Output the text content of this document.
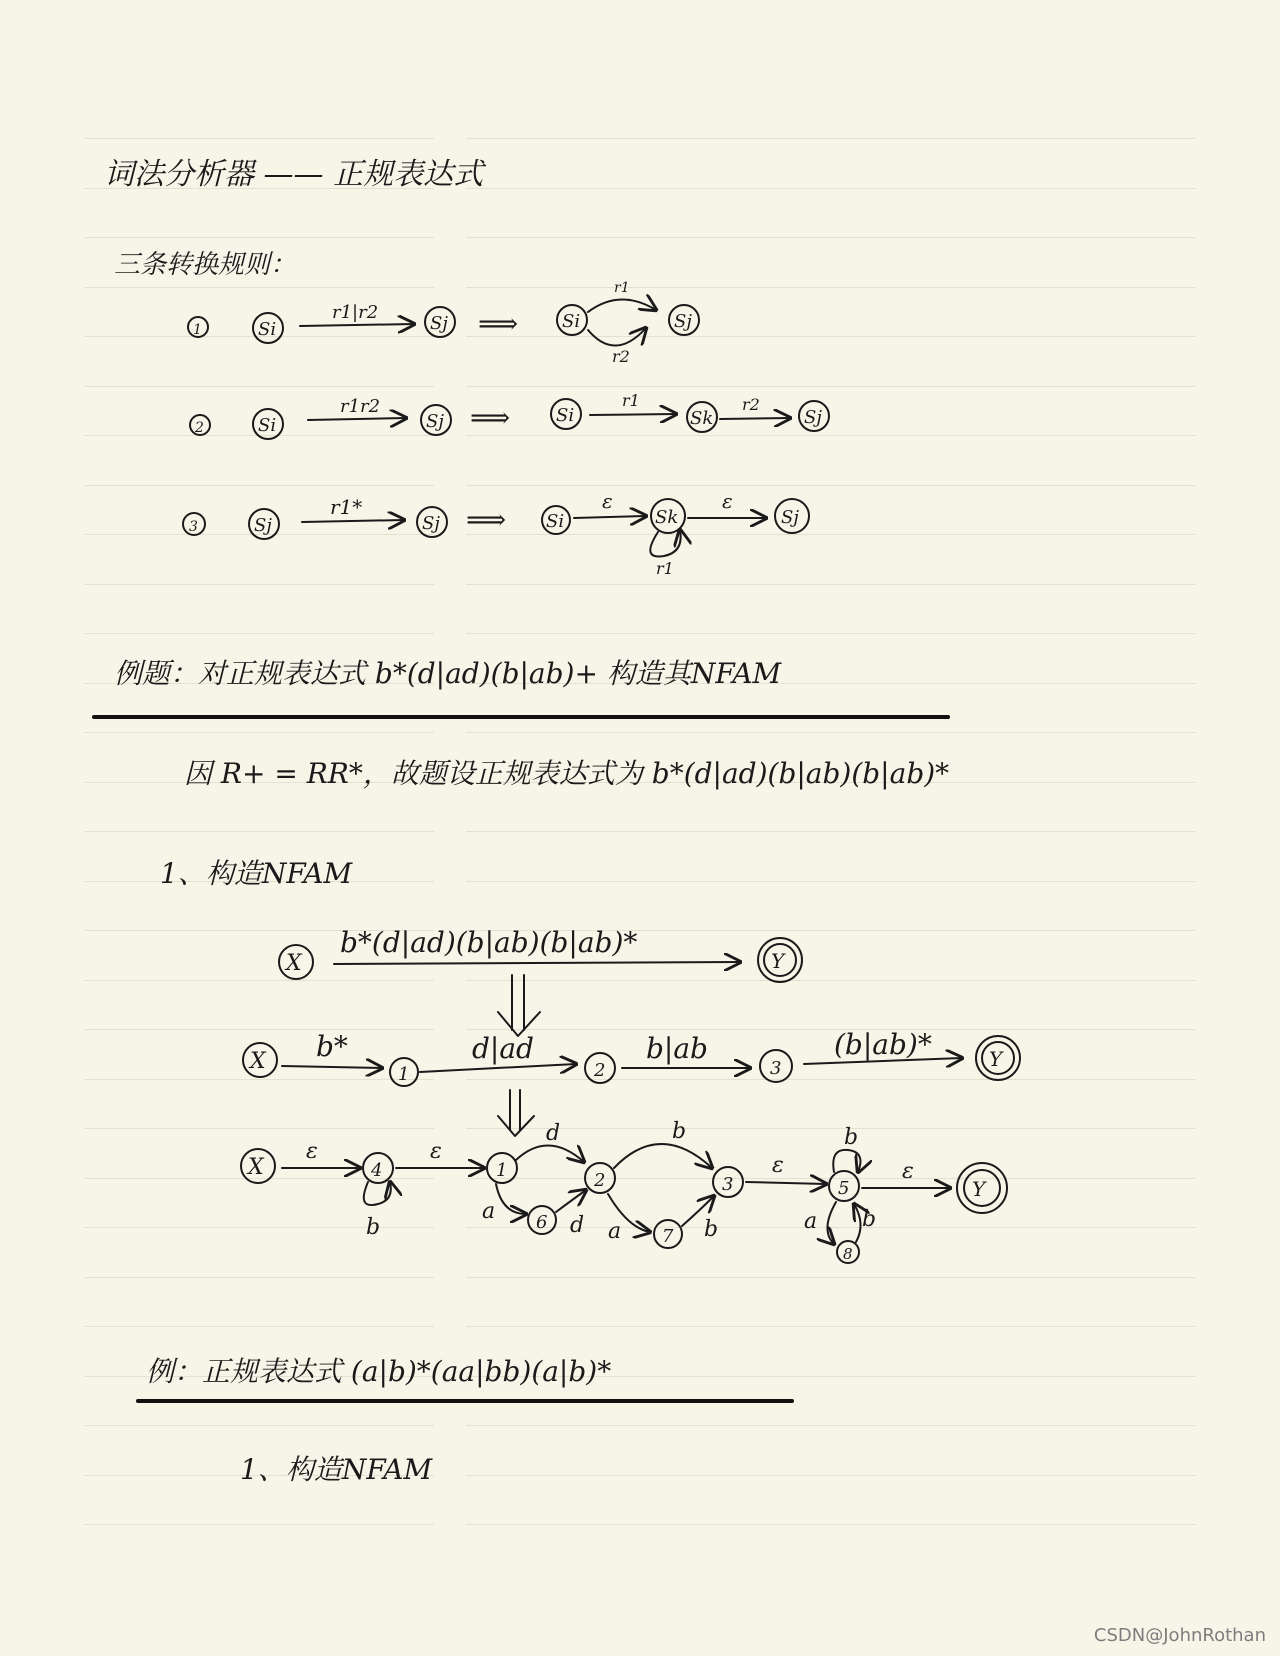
词法分析器 —— 正规表达式
三条转换规则：
1	Si
r1|r2
Sj ⟹ Si
r1
r2
Sj
2	Si
r1r2
Sj ⟹	Si
r1
Sk
r2
Sj
3	Sj
r1*
Sj ⟹ Si
ε
Sk
r1
ε
Sj
例题：对正规表达式 b*(d|ad)(b|ab)+ 构造其NFAM
因 R+ = RR*，故题设正规表达式为 b*(d|ad)(b|ab)(b|ab)*
1、构造NFAM
X
b*(d|ad)(b|ab)(b|ab)*
Y
X b*
1
d|ad
2
b|ab
3
(b|ab)*	Y
X
ε
4
b
ε
1
d
a 6 d
2
b
a 7 b
3
ε
5
b
a
8
b
ε
Y
例：正规表达式 (a|b)*(aa|bb)(a|b)*
1、构造NFAM
CSDN@JohnRothan
